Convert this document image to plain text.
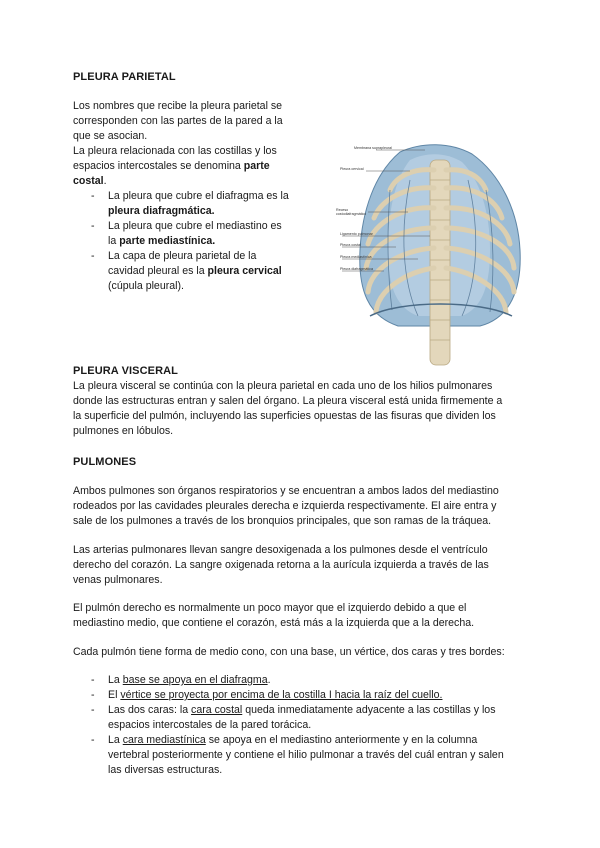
PLEURA PARIETAL
Los nombres que recibe la pleura parietal se
corresponden con las partes de la pared a la
que se asocian.
La pleura relacionada con las costillas y los
espacios intercostales se denomina parte
costal.
- La pleura que cubre el diafragma es la
pleura diafragmática.
- La pleura que cubre el mediastino es
la parte mediastínica.
- La capa de pleura parietal de la
cavidad pleural es la pleura cervical
(cúpula pleural).
Membrana suprapleural
Pleura cervical
Receso costodiafragmático
Ligamento pulmonar
Pleura costal
Pleura mediastínica
Pleura diafragmática
PLEURA VISCERAL
La pleura visceral se continúa con la pleura parietal en cada uno de los hilios pulmonares
donde las estructuras entran y salen del órgano. La pleura visceral está unida firmemente a
la superficie del pulmón, incluyendo las superficies opuestas de las fisuras que dividen los
pulmones en lóbulos.
PULMONES
Ambos pulmones son órganos respiratorios y se encuentran a ambos lados del mediastino
rodeados por las cavidades pleurales derecha e izquierda respectivamente. El aire entra y
sale de los pulmones a través de los bronquios principales, que son ramas de la tráquea.
Las arterias pulmonares llevan sangre desoxigenada a los pulmones desde el ventrículo
derecho del corazón. La sangre oxigenada retorna a la aurícula izquierda a través de las
venas pulmonares.
El pulmón derecho es normalmente un poco mayor que el izquierdo debido a que el
mediastino medio, que contiene el corazón, está más a la izquierda que a la derecha.
Cada pulmón tiene forma de medio cono, con una base, un vértice, dos caras y tres bordes:
- La base se apoya en el diafragma.
- El vértice se proyecta por encima de la costilla I hacia la raíz del cuello.
- Las dos caras: la cara costal queda inmediatamente adyacente a las costillas y los
espacios intercostales de la pared torácica.
- La cara mediastínica se apoya en el mediastino anteriormente y en la columna
vertebral posteriormente y contiene el hilio pulmonar a través del cuál entran y salen
las diversas estructuras.
